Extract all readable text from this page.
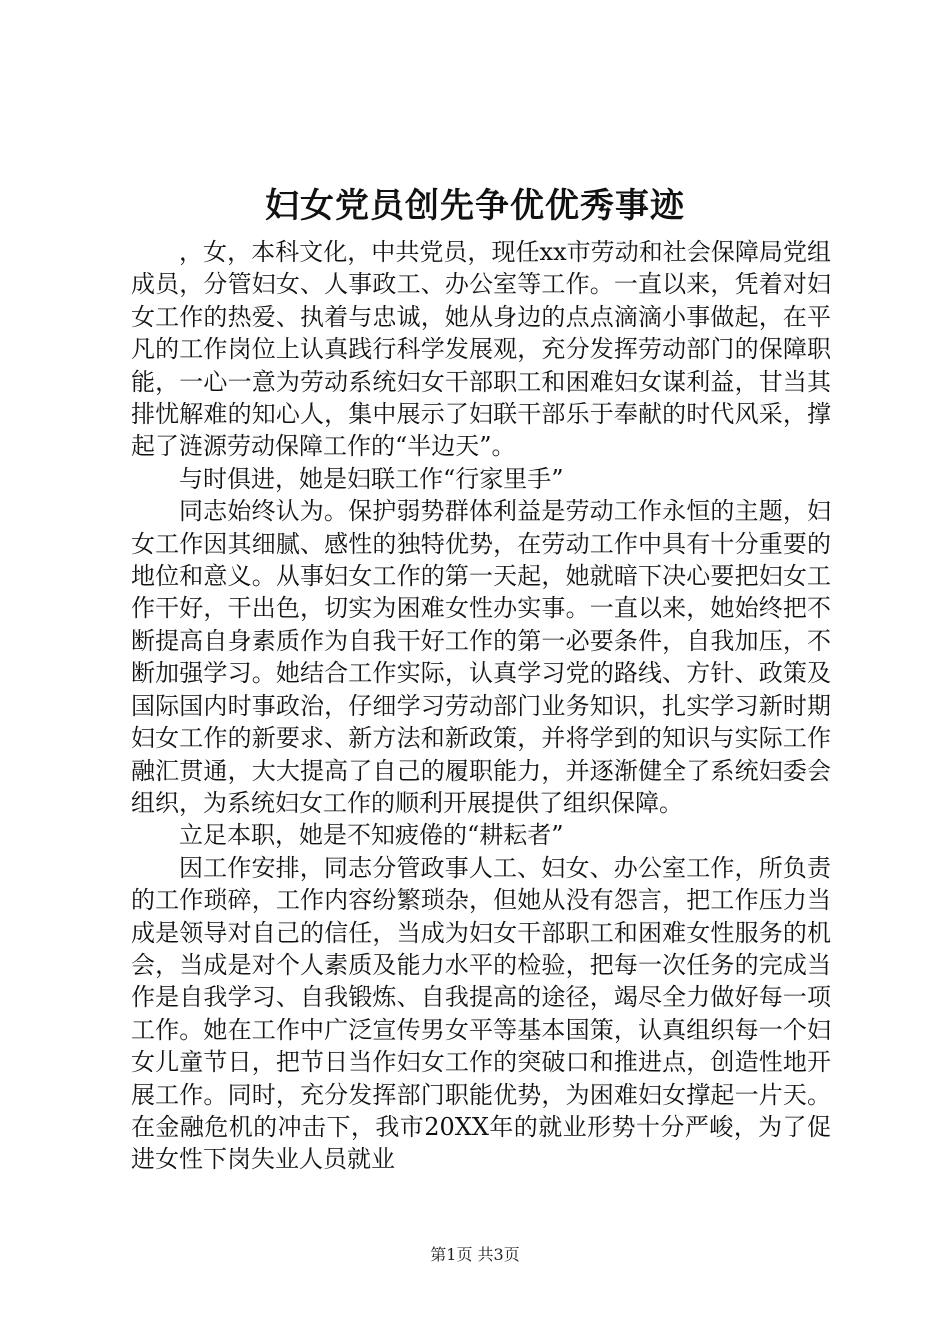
妇女党员创先争优优秀事迹

，女，本科文化，中共党员，现任xx市劳动和社会保障局党组成员，分管妇女、人事政工、办公室等工作。一直以来，凭着对妇女工作的热爱、执着与忠诚，她从身边的点点滴滴小事做起，在平凡的工作岗位上认真践行科学发展观，充分发挥劳动部门的保障职能，一心一意为劳动系统妇女干部职工和困难妇女谋利益，甘当其排忧解难的知心人，集中展示了妇联干部乐于奉献的时代风采，撑起了涟源劳动保障工作的“半边天”。

与时俱进，她是妇联工作“行家里手”

同志始终认为。保护弱势群体利益是劳动工作永恒的主题，妇女工作因其细腻、感性的独特优势，在劳动工作中具有十分重要的地位和意义。从事妇女工作的第一天起，她就暗下决心要把妇女工作干好，干出色，切实为困难女性办实事。一直以来，她始终把不断提高自身素质作为自我干好工作的第一必要条件，自我加压，不断加强学习。她结合工作实际，认真学习党的路线、方针、政策及国际国内时事政治，仔细学习劳动部门业务知识，扎实学习新时期妇女工作的新要求、新方法和新政策，并将学到的知识与实际工作融汇贯通，大大提高了自己的履职能力，并逐渐健全了系统妇委会组织，为系统妇女工作的顺利开展提供了组织保障。

立足本职，她是不知疲倦的“耕耘者”

因工作安排，同志分管政事人工、妇女、办公室工作，所负责的工作琐碎，工作内容纷繁琐杂，但她从没有怨言，把工作压力当成是领导对自己的信任，当成为妇女干部职工和困难女性服务的机会，当成是对个人素质及能力水平的检验，把每一次任务的完成当作是自我学习、自我锻炼、自我提高的途径，竭尽全力做好每一项工作。她在工作中广泛宣传男女平等基本国策，认真组织每一个妇女儿童节日，把节日当作妇女工作的突破口和推进点，创造性地开展工作。同时，充分发挥部门职能优势，为困难妇女撑起一片天。在金融危机的冲击下，我市20XX年的就业形势十分严峻，为了促进女性下岗失业人员就业

第1页 共3页
